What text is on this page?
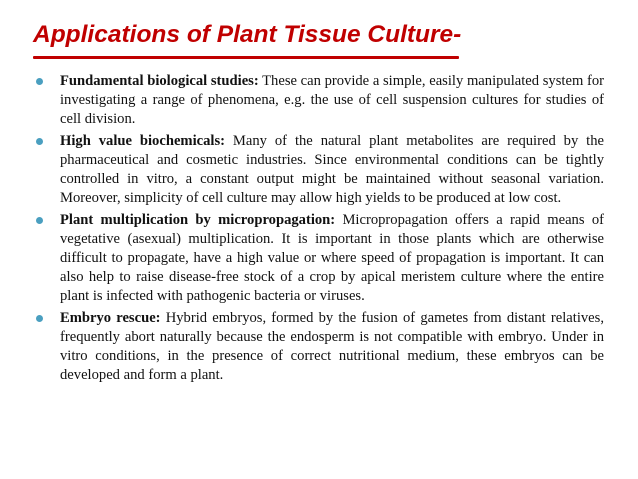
Applications of Plant Tissue Culture-
Fundamental biological studies: These can provide a simple, easily manipulated system for investigating a range of phenomena, e.g. the use of cell suspension cultures for studies of cell division.
High value biochemicals: Many of the natural plant metabolites are required by the pharmaceutical and cosmetic industries. Since environmental conditions can be tightly controlled in vitro, a constant output might be maintained without seasonal variation. Moreover, simplicity of cell culture may allow high yields to be produced at low cost.
Plant multiplication by micropropagation: Micropropagation offers a rapid means of vegetative (asexual) multiplication. It is important in those plants which are otherwise difficult to propagate, have a high value or where speed of propagation is important. It can also help to raise disease-free stock of a crop by apical meristem culture where the entire plant is infected with pathogenic bacteria or viruses.
Embryo rescue: Hybrid embryos, formed by the fusion of gametes from distant relatives, frequently abort naturally because the endosperm is not compatible with embryo. Under in vitro conditions, in the presence of correct nutritional medium, these embryos can be developed and form a plant.
